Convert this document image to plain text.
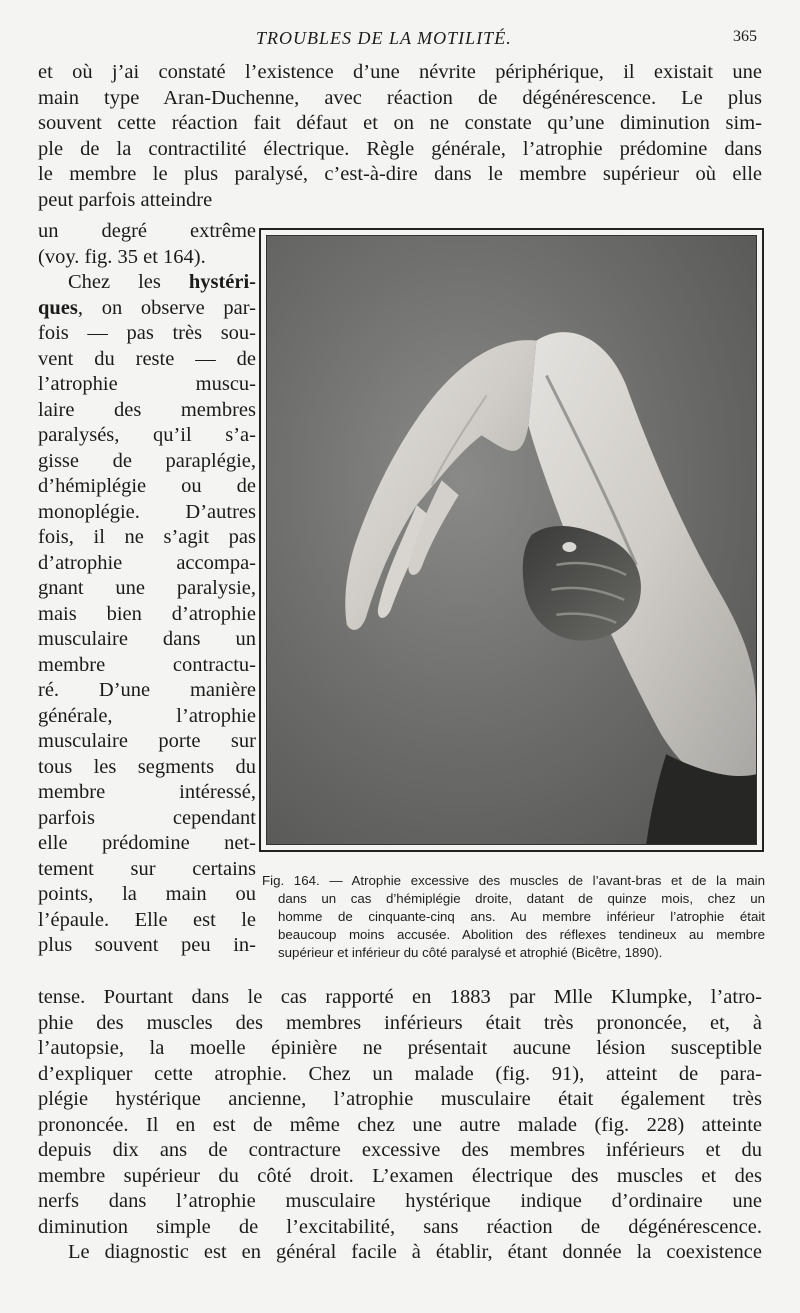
TROUBLES DE LA MOTILITÉ.	365
et où j’ai constaté l’existence d’une névrite périphérique, il existait une
main type Aran-Duchenne, avec réaction de dégénérescence. Le plus
souvent cette réaction fait défaut et on ne constate qu’une diminution sim-
ple de la contractilité électrique. Règle générale, l’atrophie prédomine dans
le membre le plus paralysé, c’est-à-dire dans le membre supérieur où elle
peut parfois atteindre
un degré extrême
(voy. fig. 35 et 164).
Chez les hystéri-
ques, on observe par-
fois — pas très sou-
vent du reste — de
l’atrophie muscu-
laire des membres
paralysés, qu’il s’a-
gisse de paraplégie,
d’hémiplégie ou de
monoplégie. D’autres
fois, il ne s’agit pas
d’atrophie accompa-
gnant une paralysie,
mais bien d’atrophie
musculaire dans un
membre contractu-
ré. D’une manière
générale, l’atrophie
musculaire porte sur
tous les segments du
membre intéressé,
parfois cependant
elle prédomine net-
tement sur certains
points, la main ou
l’épaule. Elle est le
plus souvent peu in-
Fig. 164. — Atrophie excessive des muscles de l’avant-bras et de la main
dans un cas d’hémiplégie droite, datant de quinze mois, chez un
homme de cinquante-cinq ans. Au membre inférieur l’atrophie était
beaucoup moins accusée. Abolition des réflexes tendineux au membre
supérieur et inférieur du côté paralysé et atrophié (Bicêtre, 1890).
tense. Pourtant dans le cas rapporté en 1883 par Mlle Klumpke, l’atro-
phie des muscles des membres inférieurs était très prononcée, et, à
l’autopsie, la moelle épinière ne présentait aucune lésion susceptible
d’expliquer cette atrophie. Chez un malade (fig. 91), atteint de para-
plégie hystérique ancienne, l’atrophie musculaire était également très
prononcée. Il en est de même chez une autre malade (fig. 228) atteinte
depuis dix ans de contracture excessive des membres inférieurs et du
membre supérieur du côté droit. L’examen électrique des muscles et des
nerfs dans l’atrophie musculaire hystérique indique d’ordinaire une
diminution simple de l’excitabilité, sans réaction de dégénérescence.
Le diagnostic est en général facile à établir, étant donnée la coexistence
